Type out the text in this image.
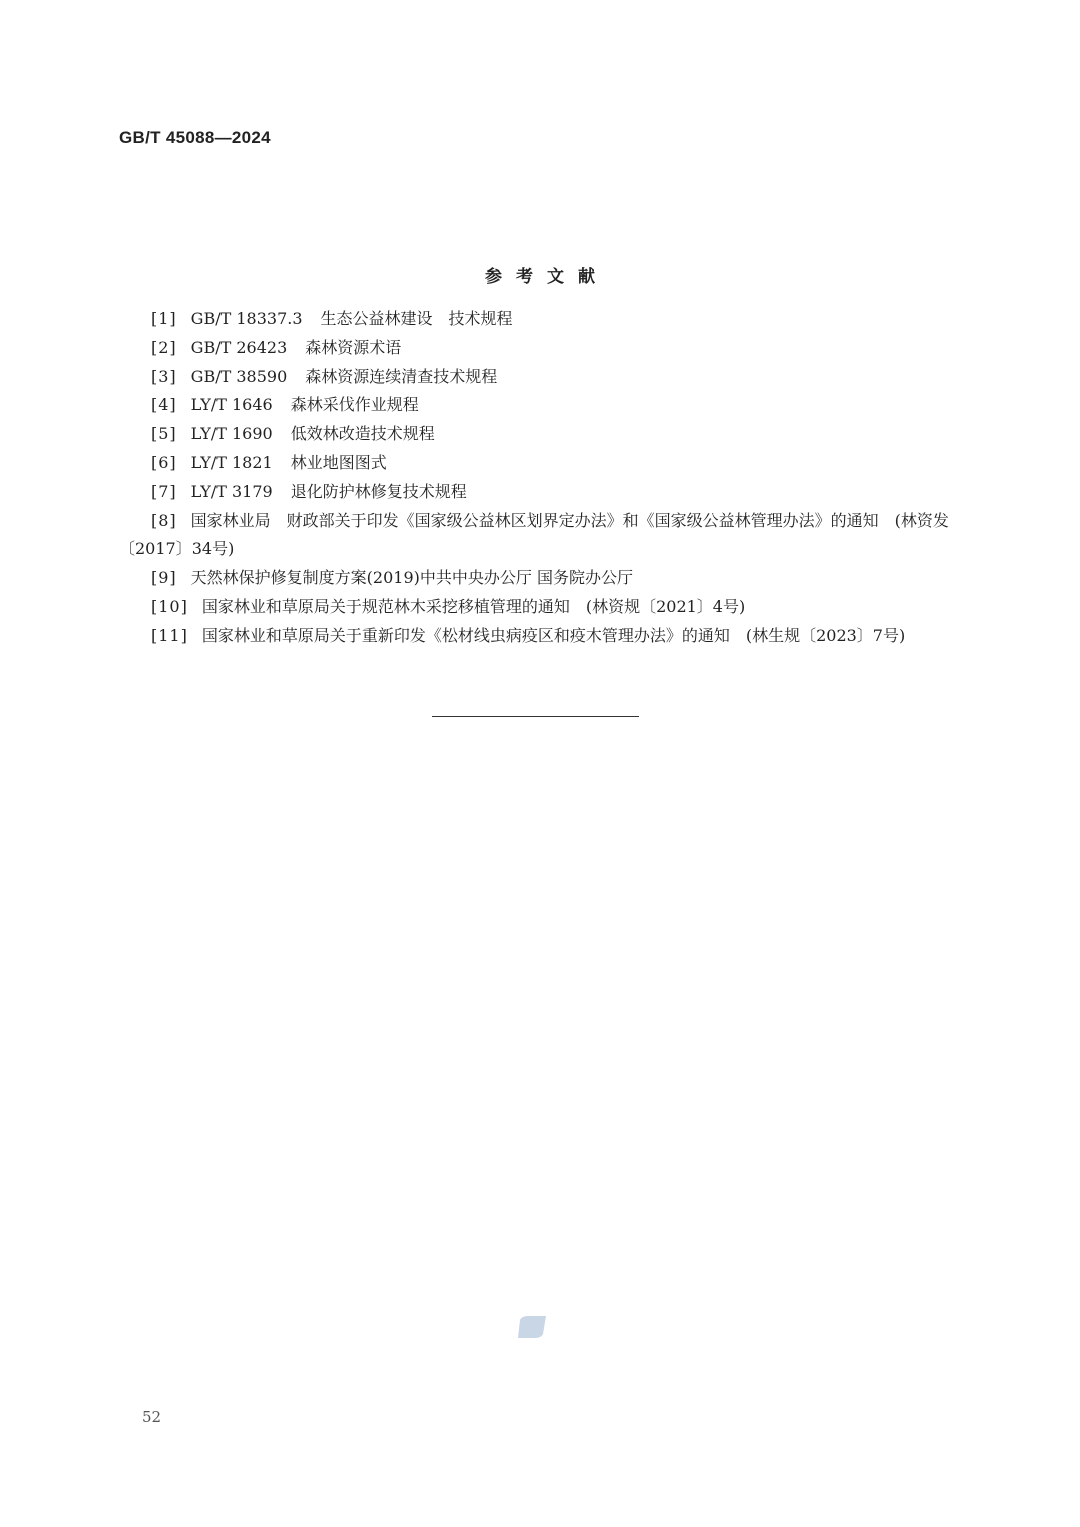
GB/T 45088—2024
参考文献

[1] GB/T 18337.3 生态公益林建设　技术规程

[2] GB/T 26423 森林资源术语

[3] GB/T 38590 森林资源连续清查技术规程

[4] LY/T 1646 森林采伐作业规程

[5] LY/T 1690 低效林改造技术规程

[6] LY/T 1821 林业地图图式

[7] LY/T 3179 退化防护林修复技术规程

[8] 国家林业局　财政部关于印发《国家级公益林区划界定办法》和《国家级公益林管理办法》的通知　(林资发〔2017〕34号)

[9] 天然林保护修复制度方案(2019)中共中央办公厅 国务院办公厅

[10] 国家林业和草原局关于规范林木采挖移植管理的通知　(林资规〔2021〕4号)

[11] 国家林业和草原局关于重新印发《松材线虫病疫区和疫木管理办法》的通知　(林生规〔2023〕7号)

52
